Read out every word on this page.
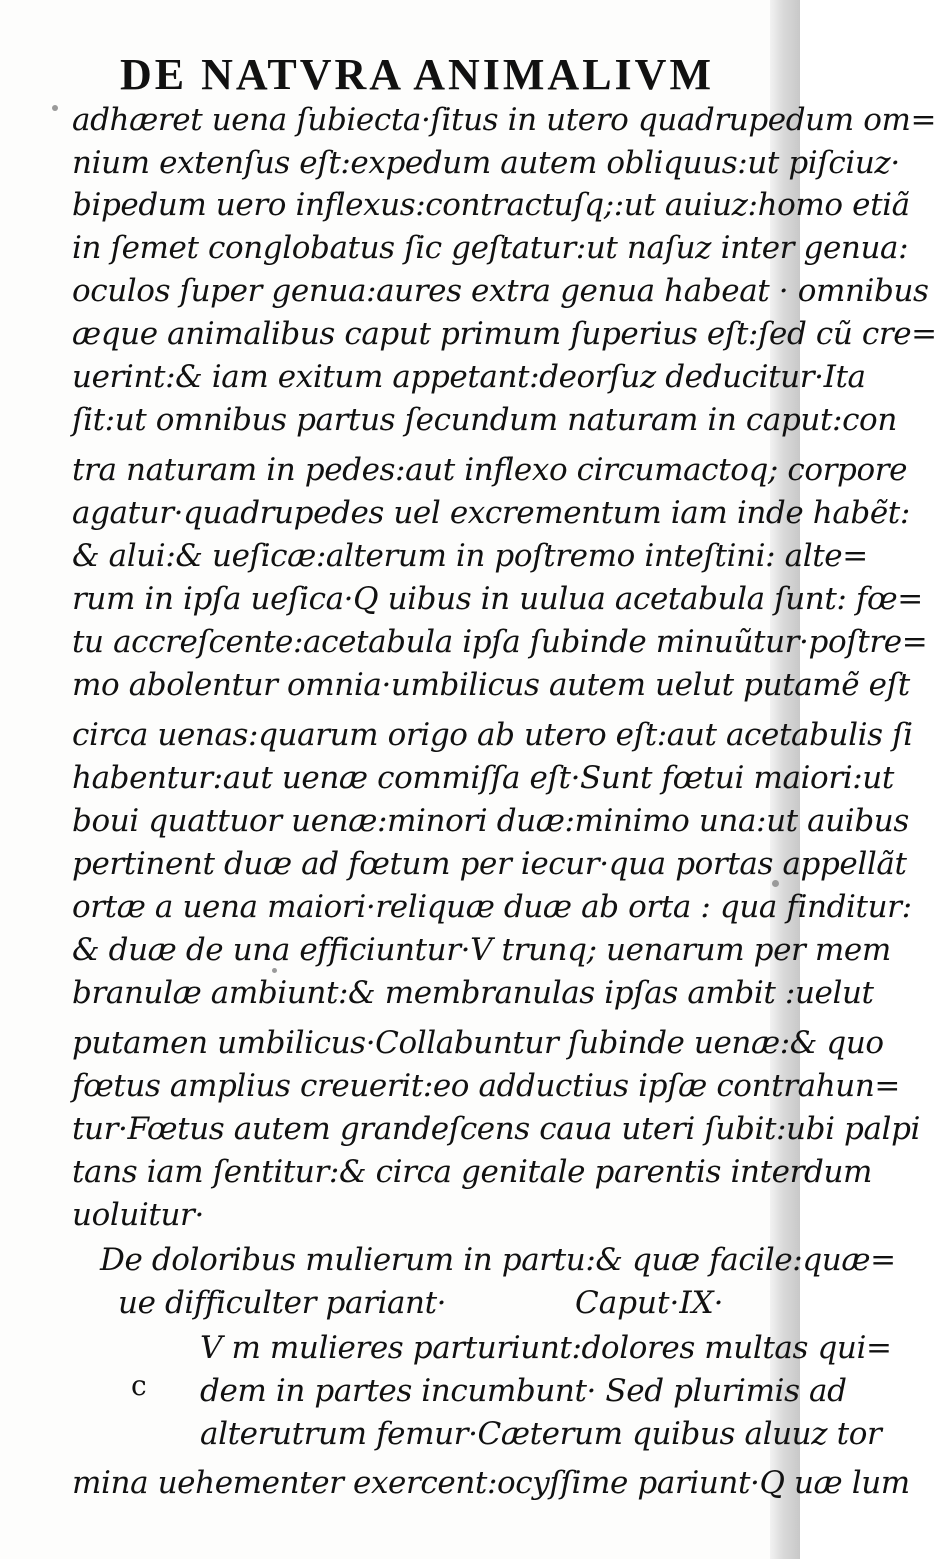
DE NATVRA ANIMALIVM
adhæret uena ſubiecta·ſitus in utero quadrupedum om=
nium extenſus eſt:expedum autem obliquus:ut piſciuz·
bipedum uero inflexus:contractuſq;:ut auiuz:homo etiã
in ſemet conglobatus ſic geſtatur:ut naſuz inter genua:
oculos ſuper genua:aures extra genua habeat · omnibus
æque animalibus caput primum ſuperius eſt:ſed cũ cre=
uerint:& iam exitum appetant:deorſuz deducitur·Ita
ſit:ut omnibus partus ſecundum naturam in caput:con
tra naturam in pedes:aut inflexo circumactoq; corpore
agatur·quadrupedes uel excrementum iam inde habẽt:
& alui:& ueſicæ:alterum in poſtremo inteſtini: alte=
rum in ipſa ueſica·Q uibus in uulua acetabula ſunt: fœ=
tu accreſcente:acetabula ipſa ſubinde minuũtur·poſtre=
mo abolentur omnia·umbilicus autem uelut putamẽ eſt
circa uenas:quarum origo ab utero eſt:aut acetabulis ſi
habentur:aut uenæ commiſſa eſt·Sunt fœtui maiori:ut
boui quattuor uenæ:minori duæ:minimo una:ut auibus
pertinent duæ ad fœtum per iecur·qua portas appellãt
ortæ a uena maiori·reliquæ duæ ab orta : qua finditur:
& duæ de una efficiuntur·V trunq; uenarum per mem
branulæ ambiunt:& membranulas ipſas ambit :uelut
putamen umbilicus·Collabuntur ſubinde uenæ:& quo
fœtus amplius creuerit:eo adductius ipſæ contrahun=
tur·Fœtus autem grandeſcens caua uteri ſubit:ubi palpi
tans iam ſentitur:& circa genitale parentis interdum
uoluitur·
De doloribus mulierum in partu:& quæ facile:quæ=
ue difficulter pariant·	Caput·IX·
c
V m mulieres parturiunt:dolores multas qui=
dem in partes incumbunt· Sed plurimis ad
alterutrum femur·Cæterum quibus aluuz tor
mina uehementer exercent:ocyſſime pariunt·Q uæ lum
